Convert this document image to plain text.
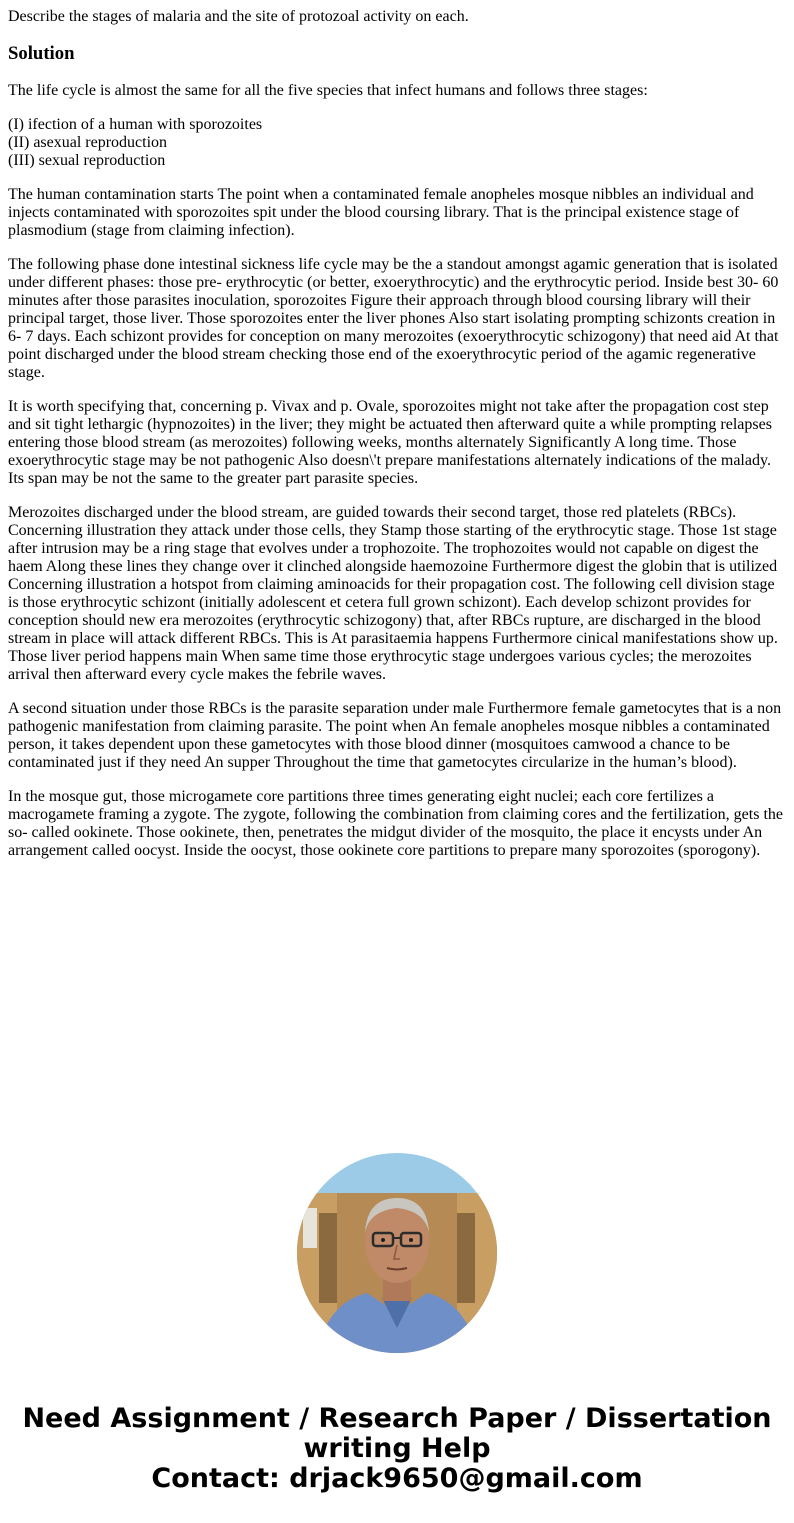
Describe the stages of malaria and the site of protozoal activity on each.
Solution

The life cycle is almost the same for all the five species that infect humans and follows three stages:

(I) ifection of a human with sporozoites
(II) asexual reproduction
(III) sexual reproduction

The human contamination starts The point when a contaminated female anopheles mosque nibbles an individual and injects contaminated with sporozoites spit under the blood coursing library. That is the principal existence stage of plasmodium (stage from claiming infection).

The following phase done intestinal sickness life cycle may be the a standout amongst agamic generation that is isolated under different phases: those pre- erythrocytic (or better, exoerythrocytic) and the erythrocytic period. Inside best 30- 60 minutes after those parasites inoculation, sporozoites Figure their approach through blood coursing library will their principal target, those liver. Those sporozoites enter the liver phones Also start isolating prompting schizonts creation in 6- 7 days. Each schizont provides for conception on many merozoites (exoerythrocytic schizogony) that need aid At that point discharged under the blood stream checking those end of the exoerythrocytic period of the agamic regenerative stage.

It is worth specifying that, concerning p. Vivax and p. Ovale, sporozoites might not take after the propagation cost step and sit tight lethargic (hypnozoites) in the liver; they might be actuated then afterward quite a while prompting relapses entering those blood stream (as merozoites) following weeks, months alternately Significantly A long time. Those exoerythrocytic stage may be not pathogenic Also doesn\'t prepare manifestations alternately indications of the malady. Its span may be not the same to the greater part parasite species.

Merozoites discharged under the blood stream, are guided towards their second target, those red platelets (RBCs). Concerning illustration they attack under those cells, they Stamp those starting of the erythrocytic stage. Those 1st stage after intrusion may be a ring stage that evolves under a trophozoite. The trophozoites would not capable on digest the haem Along these lines they change over it clinched alongside haemozoine Furthermore digest the globin that is utilized Concerning illustration a hotspot from claiming aminoacids for their propagation cost. The following cell division stage is those erythrocytic schizont (initially adolescent et cetera full grown schizont). Each develop schizont provides for conception should new era merozoites (erythrocytic schizogony) that, after RBCs rupture, are discharged in the blood stream in place will attack different RBCs. This is At parasitaemia happens Furthermore cinical manifestations show up. Those liver period happens main When same time those erythrocytic stage undergoes various cycles; the merozoites arrival then afterward every cycle makes the febrile waves.

A second situation under those RBCs is the parasite separation under male Furthermore female gametocytes that is a non pathogenic manifestation from claiming parasite. The point when An female anopheles mosque nibbles a contaminated person, it takes dependent upon these gametocytes with those blood dinner (mosquitoes camwood a chance to be contaminated just if they need An supper Throughout the time that gametocytes circularize in the human’s blood).

In the mosque gut, those microgamete core partitions three times generating eight nuclei; each core fertilizes a macrogamete framing a zygote. The zygote, following the combination from claiming cores and the fertilization, gets the so- called ookinete. Those ookinete, then, penetrates the midgut divider of the mosquito, the place it encysts under An arrangement called oocyst. Inside the oocyst, those ookinete core partitions to prepare many sporozoites (sporogony).

Need Assignment / Research Paper / Dissertation
writing Help
Contact: drjack9650@gmail.com
